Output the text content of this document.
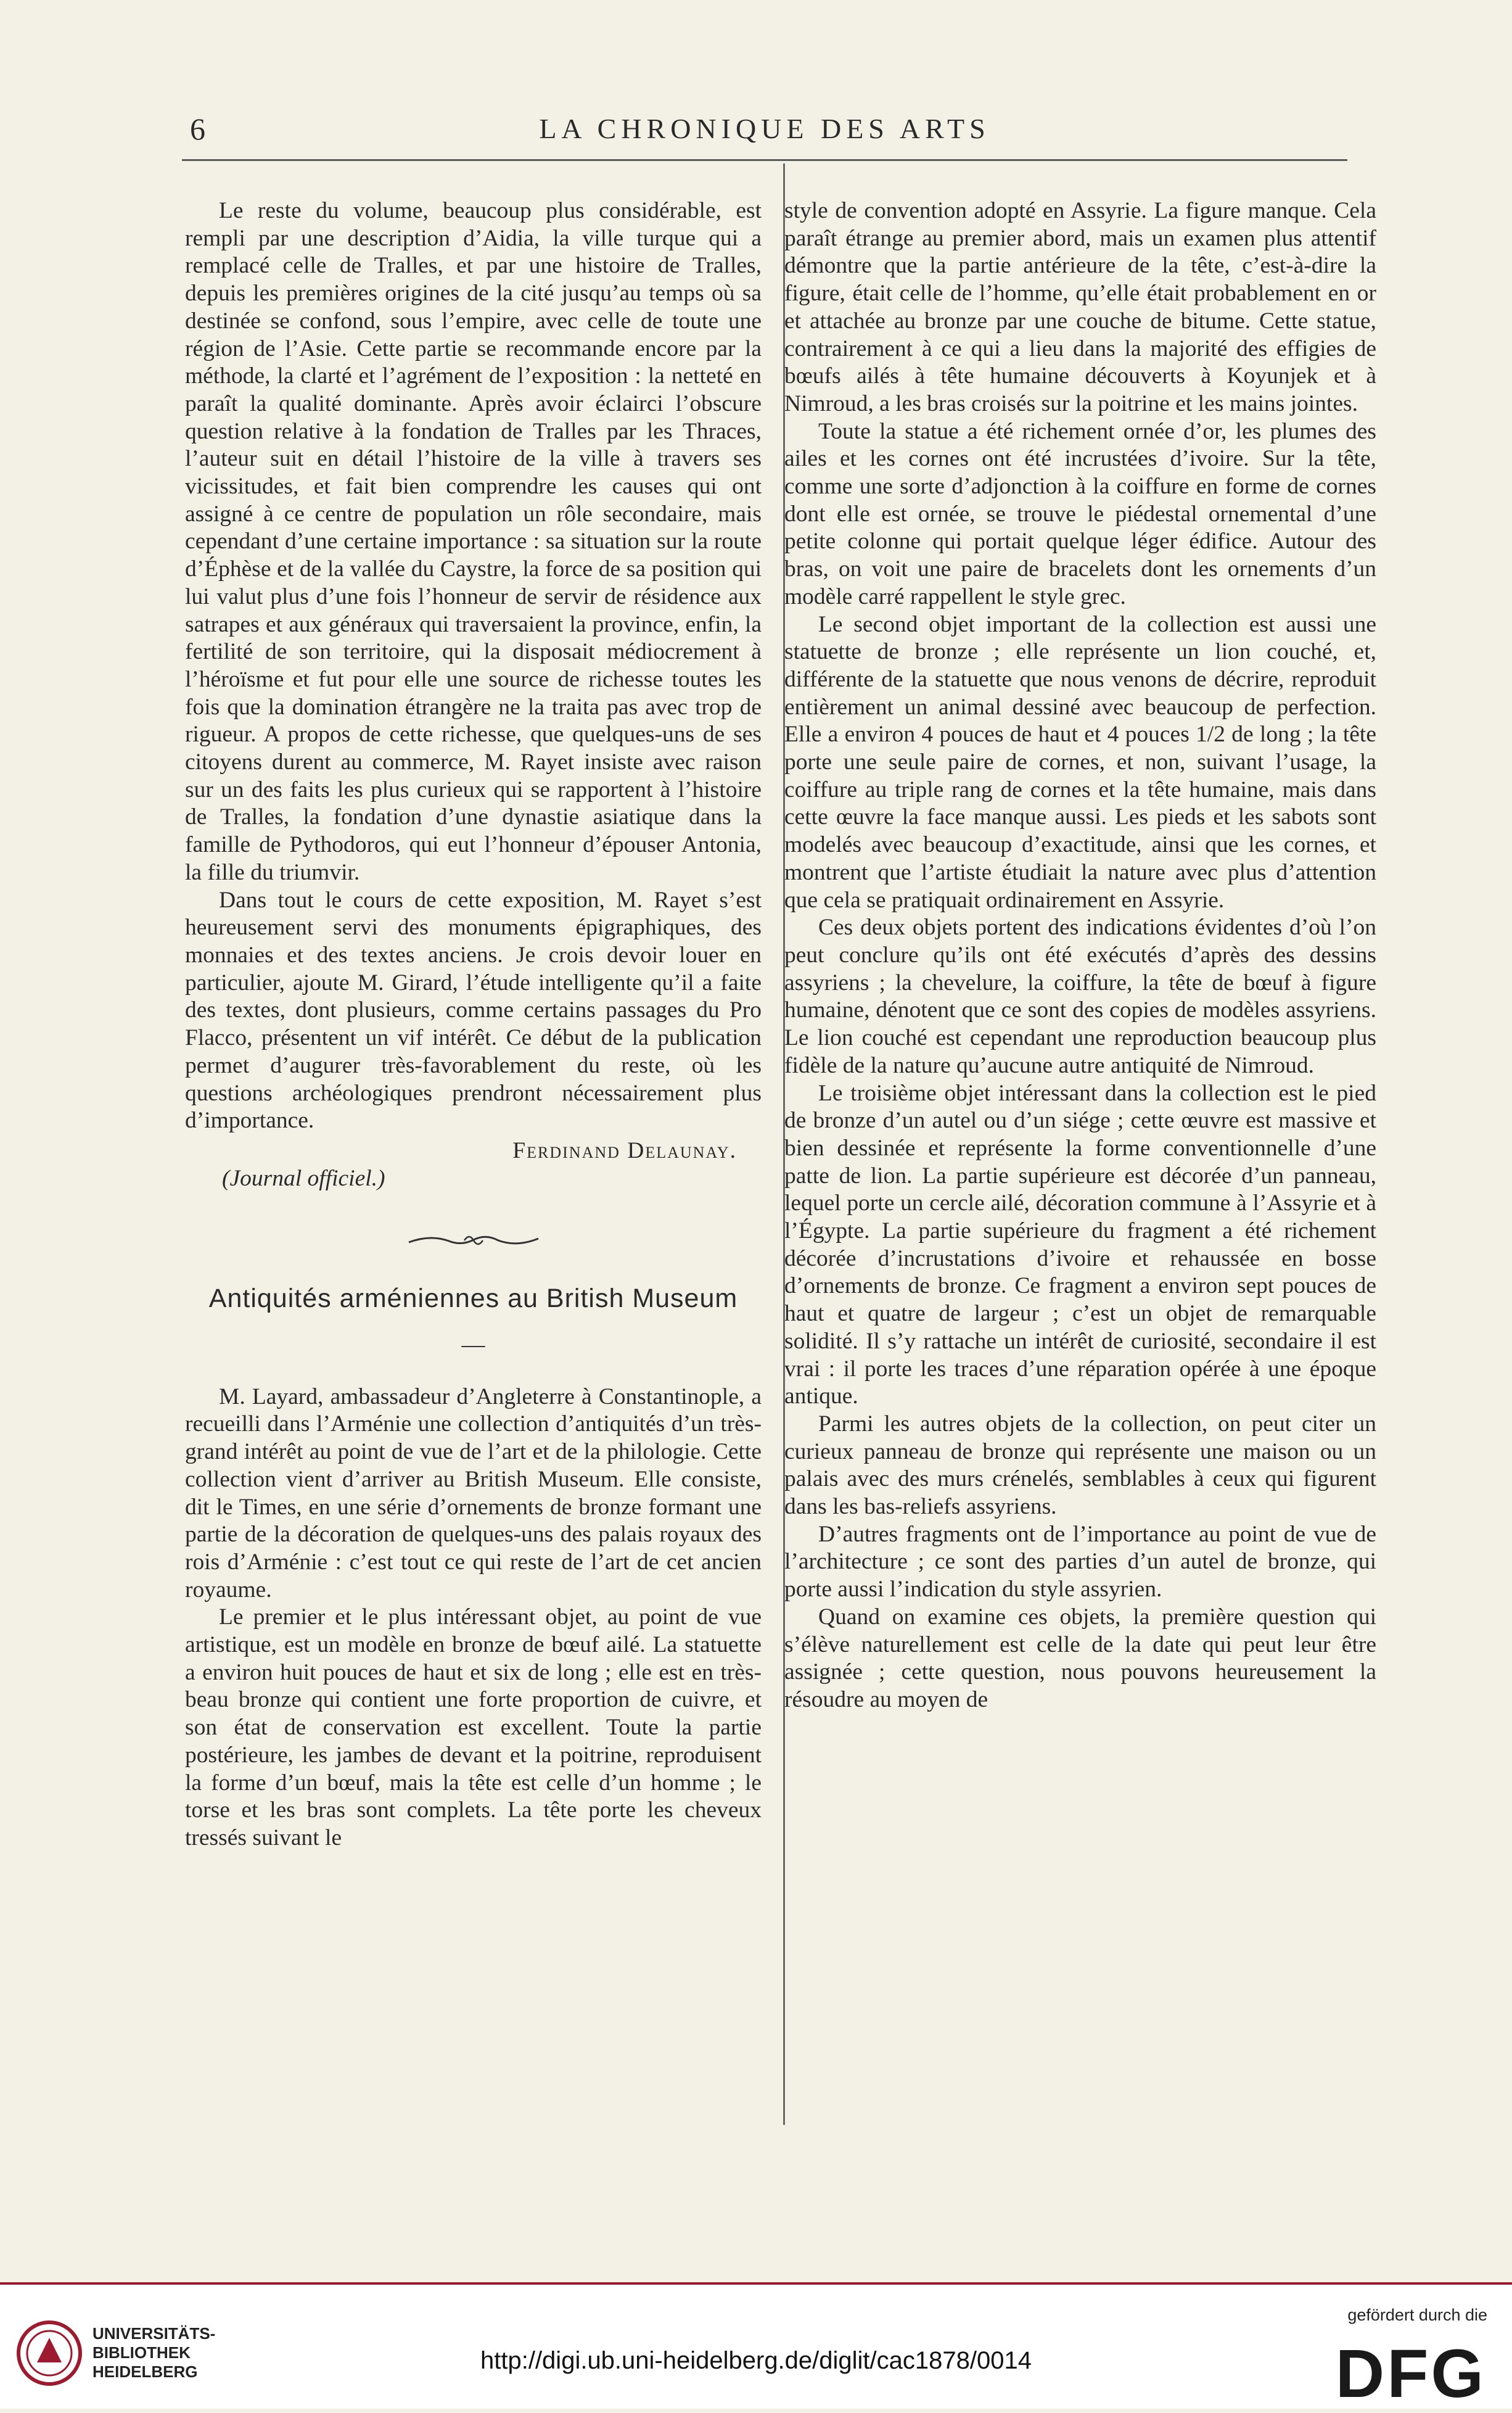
6	LA CHRONIQUE DES ARTS

Le reste du volume, beaucoup plus considérable, est rempli par une description d’Aidia, la ville turque qui a remplacé celle de Tralles, et par une histoire de Tralles, depuis les premières origines de la cité jusqu’au temps où sa destinée se confond, sous l’empire, avec celle de toute une région de l’Asie. Cette partie se recommande encore par la méthode, la clarté et l’agrément de l’exposition : la netteté en paraît la qualité dominante. Après avoir éclairci l’obscure question relative à la fondation de Tralles par les Thraces, l’auteur suit en détail l’histoire de la ville à travers ses vicissitudes, et fait bien comprendre les causes qui ont assigné à ce centre de population un rôle secondaire, mais cependant d’une certaine importance : sa situation sur la route d’Éphèse et de la vallée du Caystre, la force de sa position qui lui valut plus d’une fois l’honneur de servir de résidence aux satrapes et aux généraux qui traversaient la province, enfin, la fertilité de son territoire, qui la disposait médiocrement à l’héroïsme et fut pour elle une source de richesse toutes les fois que la domination étrangère ne la traita pas avec trop de rigueur. A propos de cette richesse, que quelques-uns de ses citoyens durent au commerce, M. Rayet insiste avec raison sur un des faits les plus curieux qui se rapportent à l’histoire de Tralles, la fondation d’une dynastie asiatique dans la famille de Pythodoros, qui eut l’honneur d’épouser Antonia, la fille du triumvir.

Dans tout le cours de cette exposition, M. Rayet s’est heureusement servi des monuments épigraphiques, des monnaies et des textes anciens. Je crois devoir louer en particulier, ajoute M. Girard, l’étude intelligente qu’il a faite des textes, dont plusieurs, comme certains passages du Pro Flacco, présentent un vif intérêt. Ce début de la publication permet d’augurer très-favorablement du reste, où les questions archéologiques prendront nécessairement plus d’importance.

Ferdinand Delaunay.
(Journal officiel.)
Antiquités arméniennes au British Museum
—

M. Layard, ambassadeur d’Angleterre à Constantinople, a recueilli dans l’Arménie une collection d’antiquités d’un très-grand intérêt au point de vue de l’art et de la philologie. Cette collection vient d’arriver au British Museum. Elle consiste, dit le Times, en une série d’ornements de bronze formant une partie de la décoration de quelques-uns des palais royaux des rois d’Arménie : c’est tout ce qui reste de l’art de cet ancien royaume.

Le premier et le plus intéressant objet, au point de vue artistique, est un modèle en bronze de bœuf ailé. La statuette a environ huit pouces de haut et six de long ; elle est en très-beau bronze qui contient une forte proportion de cuivre, et son état de conservation est excellent. Toute la partie postérieure, les jambes de devant et la poitrine, reproduisent la forme d’un bœuf, mais la tête est celle d’un homme ; le torse et les bras sont complets. La tête porte les cheveux tressés suivant le

style de convention adopté en Assyrie. La figure manque. Cela paraît étrange au premier abord, mais un examen plus attentif démontre que la partie antérieure de la tête, c’est-à-dire la figure, était celle de l’homme, qu’elle était probablement en or et attachée au bronze par une couche de bitume. Cette statue, contrairement à ce qui a lieu dans la majorité des effigies de bœufs ailés à tête humaine découverts à Koyunjek et à Nimroud, a les bras croisés sur la poitrine et les mains jointes.

Toute la statue a été richement ornée d’or, les plumes des ailes et les cornes ont été incrustées d’ivoire. Sur la tête, comme une sorte d’adjonction à la coiffure en forme de cornes dont elle est ornée, se trouve le piédestal ornemental d’une petite colonne qui portait quelque léger édifice. Autour des bras, on voit une paire de bracelets dont les ornements d’un modèle carré rappellent le style grec.

Le second objet important de la collection est aussi une statuette de bronze ; elle représente un lion couché, et, différente de la statuette que nous venons de décrire, reproduit entièrement un animal dessiné avec beaucoup de perfection. Elle a environ 4 pouces de haut et 4 pouces 1/2 de long ; la tête porte une seule paire de cornes, et non, suivant l’usage, la coiffure au triple rang de cornes et la tête humaine, mais dans cette œuvre la face manque aussi. Les pieds et les sabots sont modelés avec beaucoup d’exactitude, ainsi que les cornes, et montrent que l’artiste étudiait la nature avec plus d’attention que cela se pratiquait ordinairement en Assyrie.

Ces deux objets portent des indications évidentes d’où l’on peut conclure qu’ils ont été exécutés d’après des dessins assyriens ; la chevelure, la coiffure, la tête de bœuf à figure humaine, dénotent que ce sont des copies de modèles assyriens. Le lion couché est cependant une reproduction beaucoup plus fidèle de la nature qu’aucune autre antiquité de Nimroud.

Le troisième objet intéressant dans la collection est le pied de bronze d’un autel ou d’un siége ; cette œuvre est massive et bien dessinée et représente la forme conventionnelle d’une patte de lion. La partie supérieure est décorée d’un panneau, lequel porte un cercle ailé, décoration commune à l’Assyrie et à l’Égypte. La partie supérieure du fragment a été richement décorée d’incrustations d’ivoire et rehaussée en bosse d’ornements de bronze. Ce fragment a environ sept pouces de haut et quatre de largeur ; c’est un objet de remarquable solidité. Il s’y rattache un intérêt de curiosité, secondaire il est vrai : il porte les traces d’une réparation opérée à une époque antique.

Parmi les autres objets de la collection, on peut citer un curieux panneau de bronze qui représente une maison ou un palais avec des murs crénelés, semblables à ceux qui figurent dans les bas-reliefs assyriens.

D’autres fragments ont de l’importance au point de vue de l’architecture ; ce sont des parties d’un autel de bronze, qui porte aussi l’indication du style assyrien.

Quand on examine ces objets, la première question qui s’élève naturellement est celle de la date qui peut leur être assignée ; cette question, nous pouvons heureusement la résoudre au moyen de

UNIVERSITÄTS-
BIBLIOTHEK
HEIDELBERG	http://digi.ub.uni-heidelberg.de/diglit/cac1878/0014
gefördert durch die
DFG
